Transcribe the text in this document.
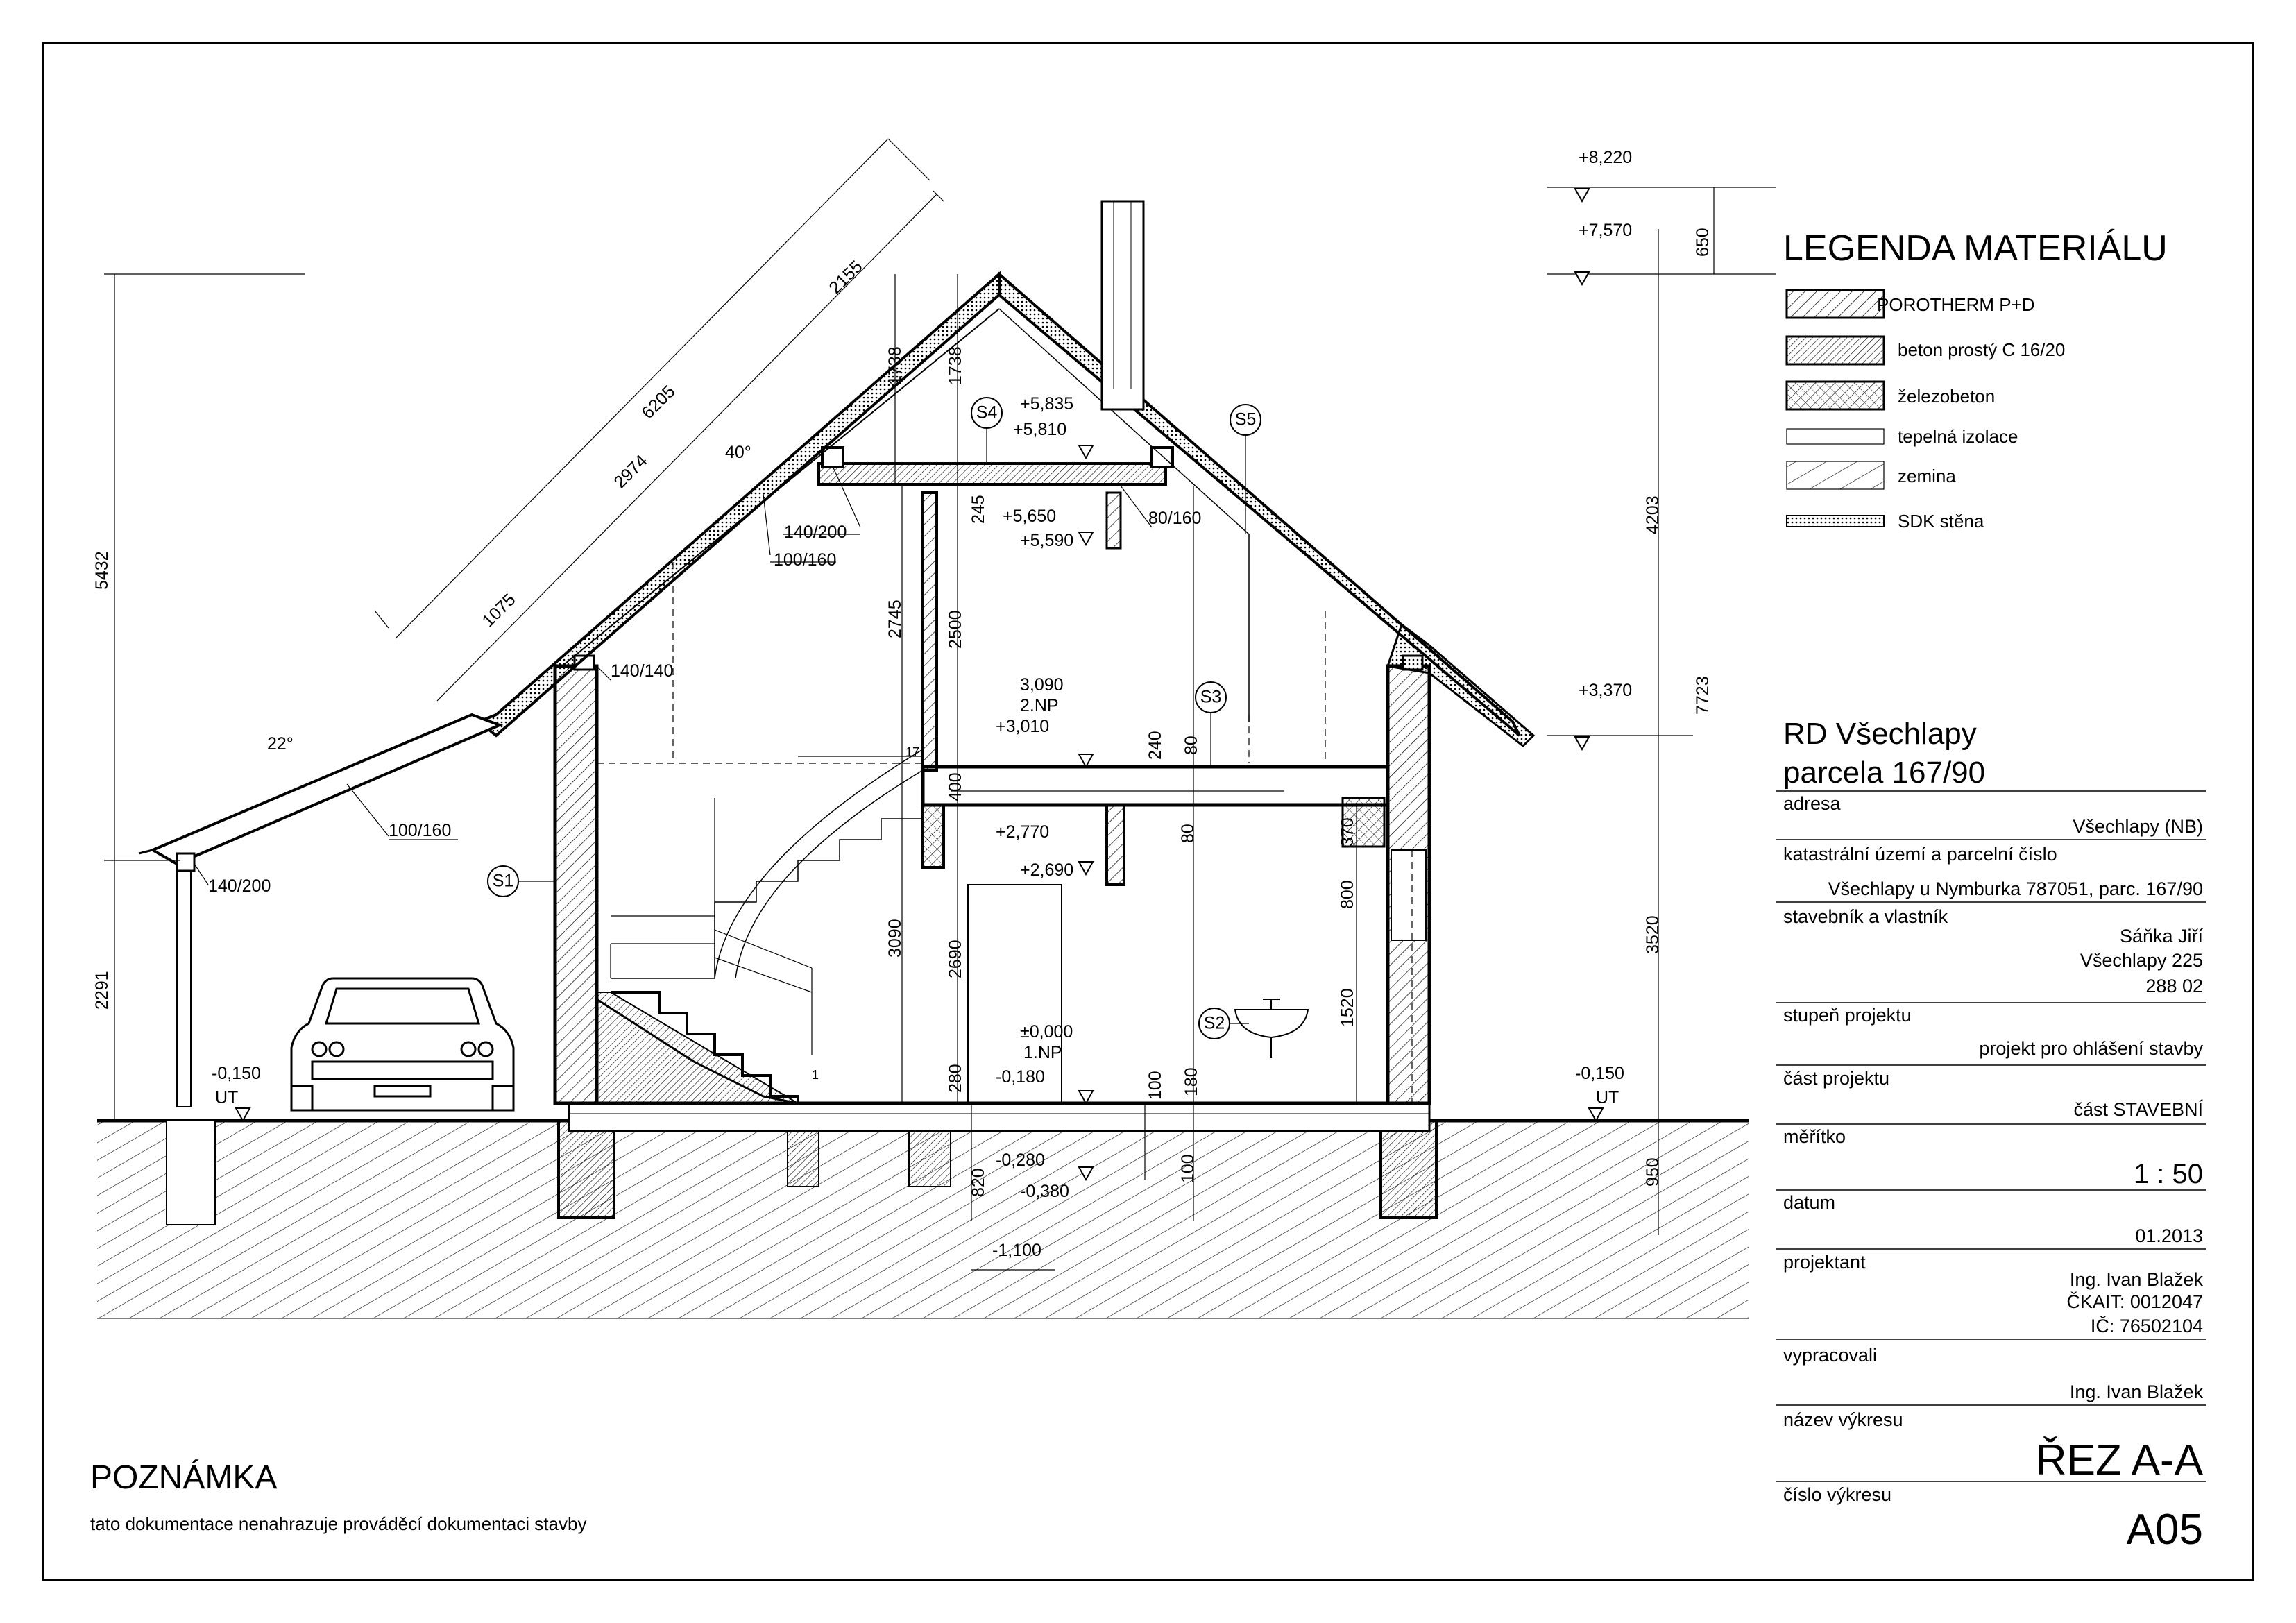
S1
S2
S3
S4	S5
+8,220
+7,570
+5,835
+5,810
+5,650
+5,590
+3,370
3,090
2.NP
+3,010
+2,770
+2,690
±0,000
1.NP
-0,180
-0,150
UT
-0,150
UT
-0,280
-0,380
-1,100
6205
2155
2974
1075
1738 1738
245
2745 2500
240 80
400
80	370
800
1520
3090
2690
280	100 180
820	100
5432
2291
650
4203
7723
3520
950
17
1
40°
22°
140/200
100/160
80/160
140/140
100/160
140/200
LEGENDA MATERIÁLU
POROTHERM P+D
beton prostý C 16/20
železobeton
tepelná izolace
zemina
SDK stěna
RD Všechlapy
parcela 167/90
adresa
Všechlapy (NB)
katastrální území a parcelní číslo
Všechlapy u Nymburka 787051, parc. 167/90
stavebník a vlastník
Sáňka Jiří
Všechlapy 225
288 02
stupeň projektu
projekt pro ohlášení stavby
část projektu
část STAVEBNÍ
měřítko
1 : 50
datum
01.2013
projektant
Ing. Ivan Blažek
ČKAIT: 0012047
IČ: 76502104
vypracovali
Ing. Ivan Blažek
název výkresu
ŘEZ A-A
číslo výkresu
A05
POZNÁMKA
tato dokumentace nenahrazuje prováděcí dokumentaci stavby
